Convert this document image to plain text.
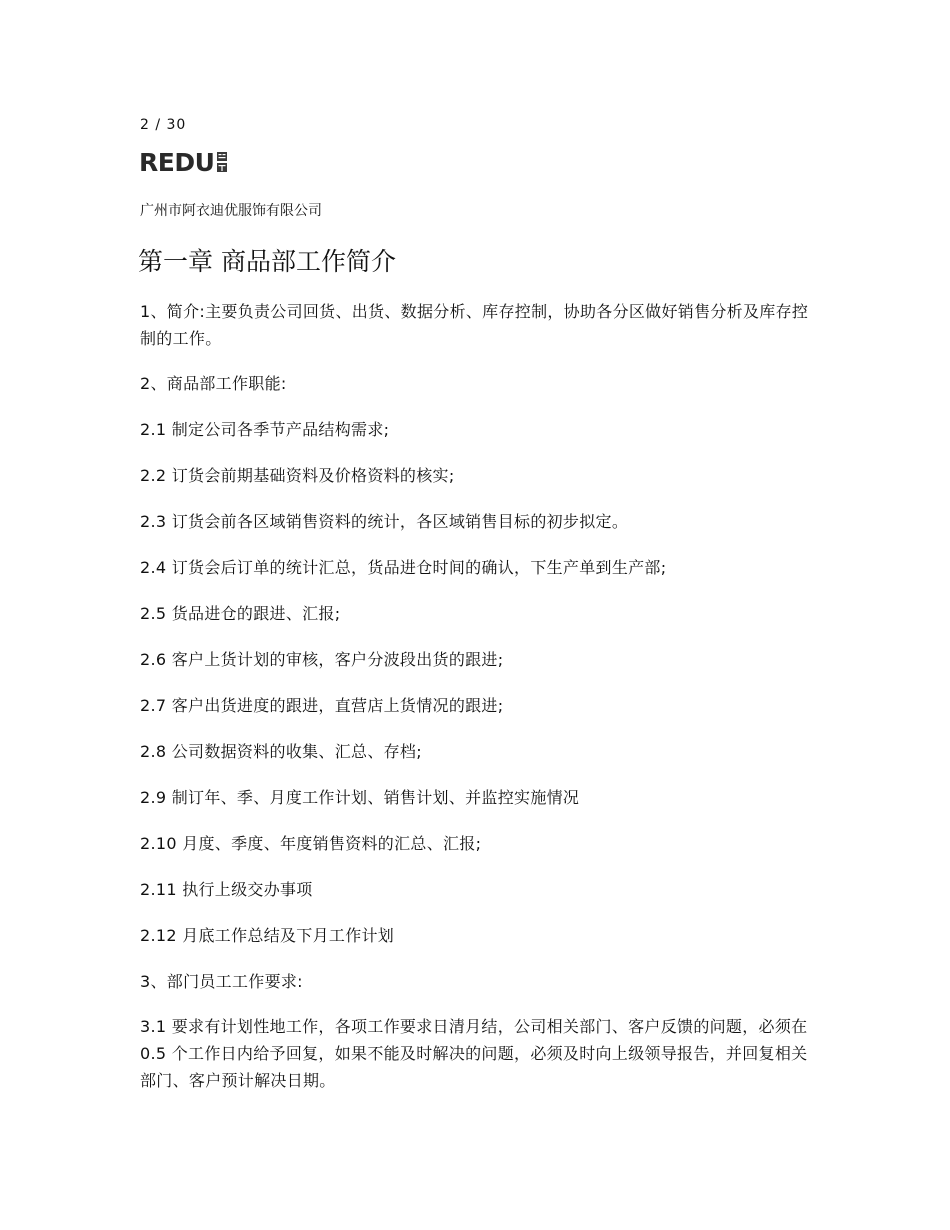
2 / 30
REDU
广州市阿衣迪优服饰有限公司
第一章 商品部工作简介

1、简介:主要负责公司回货、出货、数据分析、库存控制，协助各分区做好销售分析及库存控制的工作。

2、商品部工作职能:

2.1 制定公司各季节产品结构需求;

2.2 订货会前期基础资料及价格资料的核实;

2.3 订货会前各区域销售资料的统计，各区域销售目标的初步拟定。

2.4 订货会后订单的统计汇总，货品进仓时间的确认，下生产单到生产部;

2.5 货品进仓的跟进、汇报;

2.6 客户上货计划的审核，客户分波段出货的跟进;

2.7 客户出货进度的跟进，直营店上货情况的跟进;

2.8 公司数据资料的收集、汇总、存档;

2.9 制订年、季、月度工作计划、销售计划、并监控实施情况

2.10 月度、季度、年度销售资料的汇总、汇报;

2.11 执行上级交办事项

2.12 月底工作总结及下月工作计划

3、部门员工工作要求:

3.1 要求有计划性地工作，各项工作要求日清月结，公司相关部门、客户反馈的问题，必须在 0.5 个工作日内给予回复，如果不能及时解决的问题，必须及时向上级领导报告，并回复相关部门、客户预计解决日期。
